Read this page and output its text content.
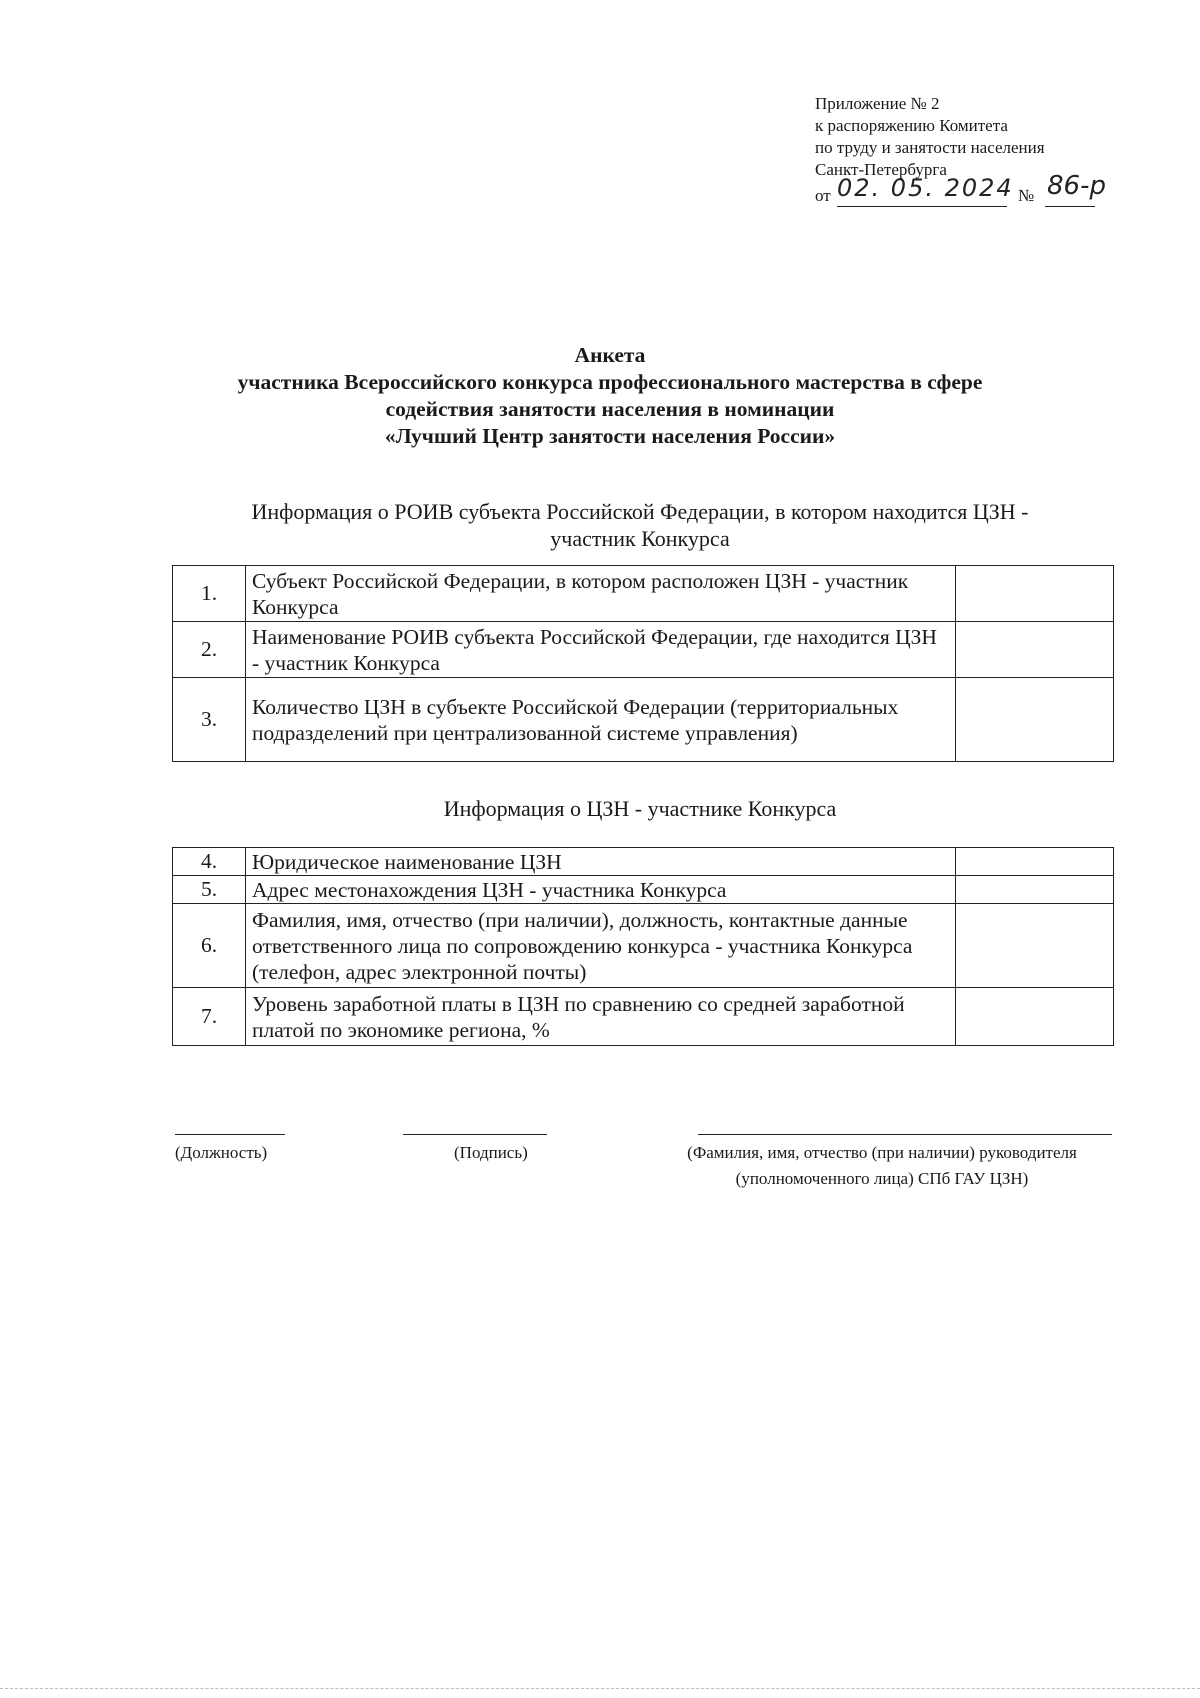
Приложение № 2
к распоряжению Комитета
по труду и занятости населения
Санкт-Петербурга
от 02. 05. 2024 № 86-р
Анкета
участника Всероссийского конкурса профессионального мастерства в сфере
содействия занятости населения в номинации
«Лучший Центр занятости населения России»
Информация о РОИВ субъекта Российской Федерации, в котором находится ЦЗН -
участник Конкурса
1.	Субъект Российской Федерации, в котором расположен ЦЗН - участник Конкурса	
2.	Наименование РОИВ субъекта Российской Федерации, где находится ЦЗН - участник Конкурса	
3.	Количество ЦЗН в субъекте Российской Федерации (территориальных подразделений при централизованной системе управления)	
Информация о ЦЗН - участнике Конкурса
4.	Юридическое наименование ЦЗН	
5.	Адрес местонахождения ЦЗН - участника Конкурса	
6.	Фамилия, имя, отчество (при наличии), должность, контактные данные ответственного лица по сопровождению конкурса - участника Конкурса (телефон, адрес электронной почты)	
7.	Уровень заработной платы в ЦЗН по сравнению со средней заработной платой по экономике региона, %	
(Должность)	(Подпись)	(Фамилия, имя, отчество (при наличии) руководителя
(уполномоченного лица) СПб ГАУ ЦЗН)
